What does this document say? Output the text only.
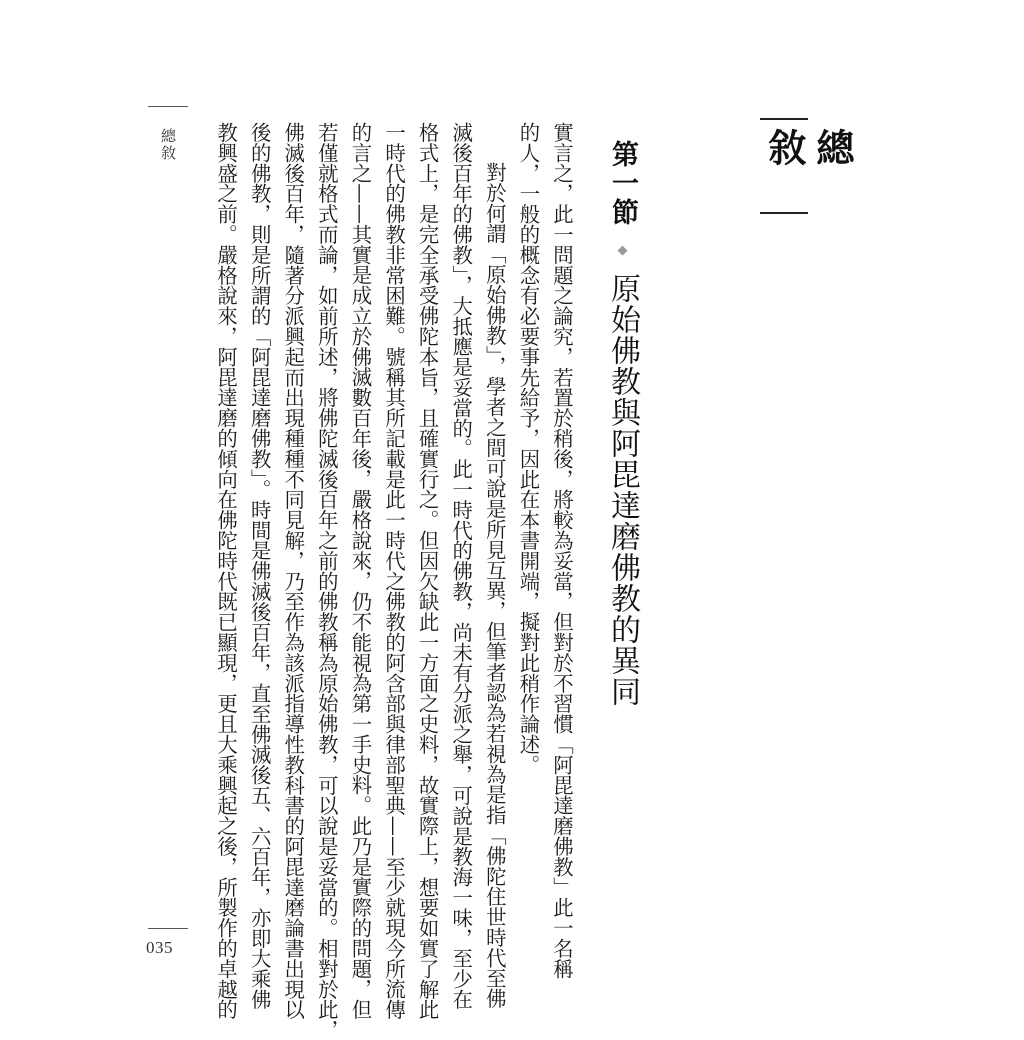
總敘
第一節 ◆ 原始佛教與阿毘達磨佛教的異同
實言之，此一問題之論究，若置於稍後，將較為妥當，但對於不習慣「阿毘達磨佛教」此一名稱
的人，一般的概念有必要事先給予，因此在本書開端，擬對此稍作論述。
對於何謂「原始佛教」，學者之間可說是所見互異，但筆者認為若視為是指「佛陀住世時代至佛
滅後百年的佛教」，大抵應是妥當的。此一時代的佛教，尚未有分派之舉，可說是教海一味，至少在
格式上，是完全承受佛陀本旨，且確實行之。但因欠缺此一方面之史料，故實際上，想要如實了解此
一時代的佛教非常困難。號稱其所記載是此一時代之佛教的阿含部與律部聖典——至少就現今所流傳
的言之——其實是成立於佛滅數百年後，嚴格說來，仍不能視為第一手史料。此乃是實際的問題，但
若僅就格式而論，如前所述，將佛陀滅後百年之前的佛教稱為原始佛教，可以說是妥當的。相對於此，
佛滅後百年，隨著分派興起而出現種種不同見解，乃至作為該派指導性教科書的阿毘達磨論書出現以
後的佛教，則是所謂的「阿毘達磨佛教」。時間是佛滅後百年，直至佛滅後五、六百年，亦即大乘佛
教興盛之前。嚴格說來，阿毘達磨的傾向在佛陀時代既已顯現，更且大乘興起之後，所製作的卓越的
總敘
035
